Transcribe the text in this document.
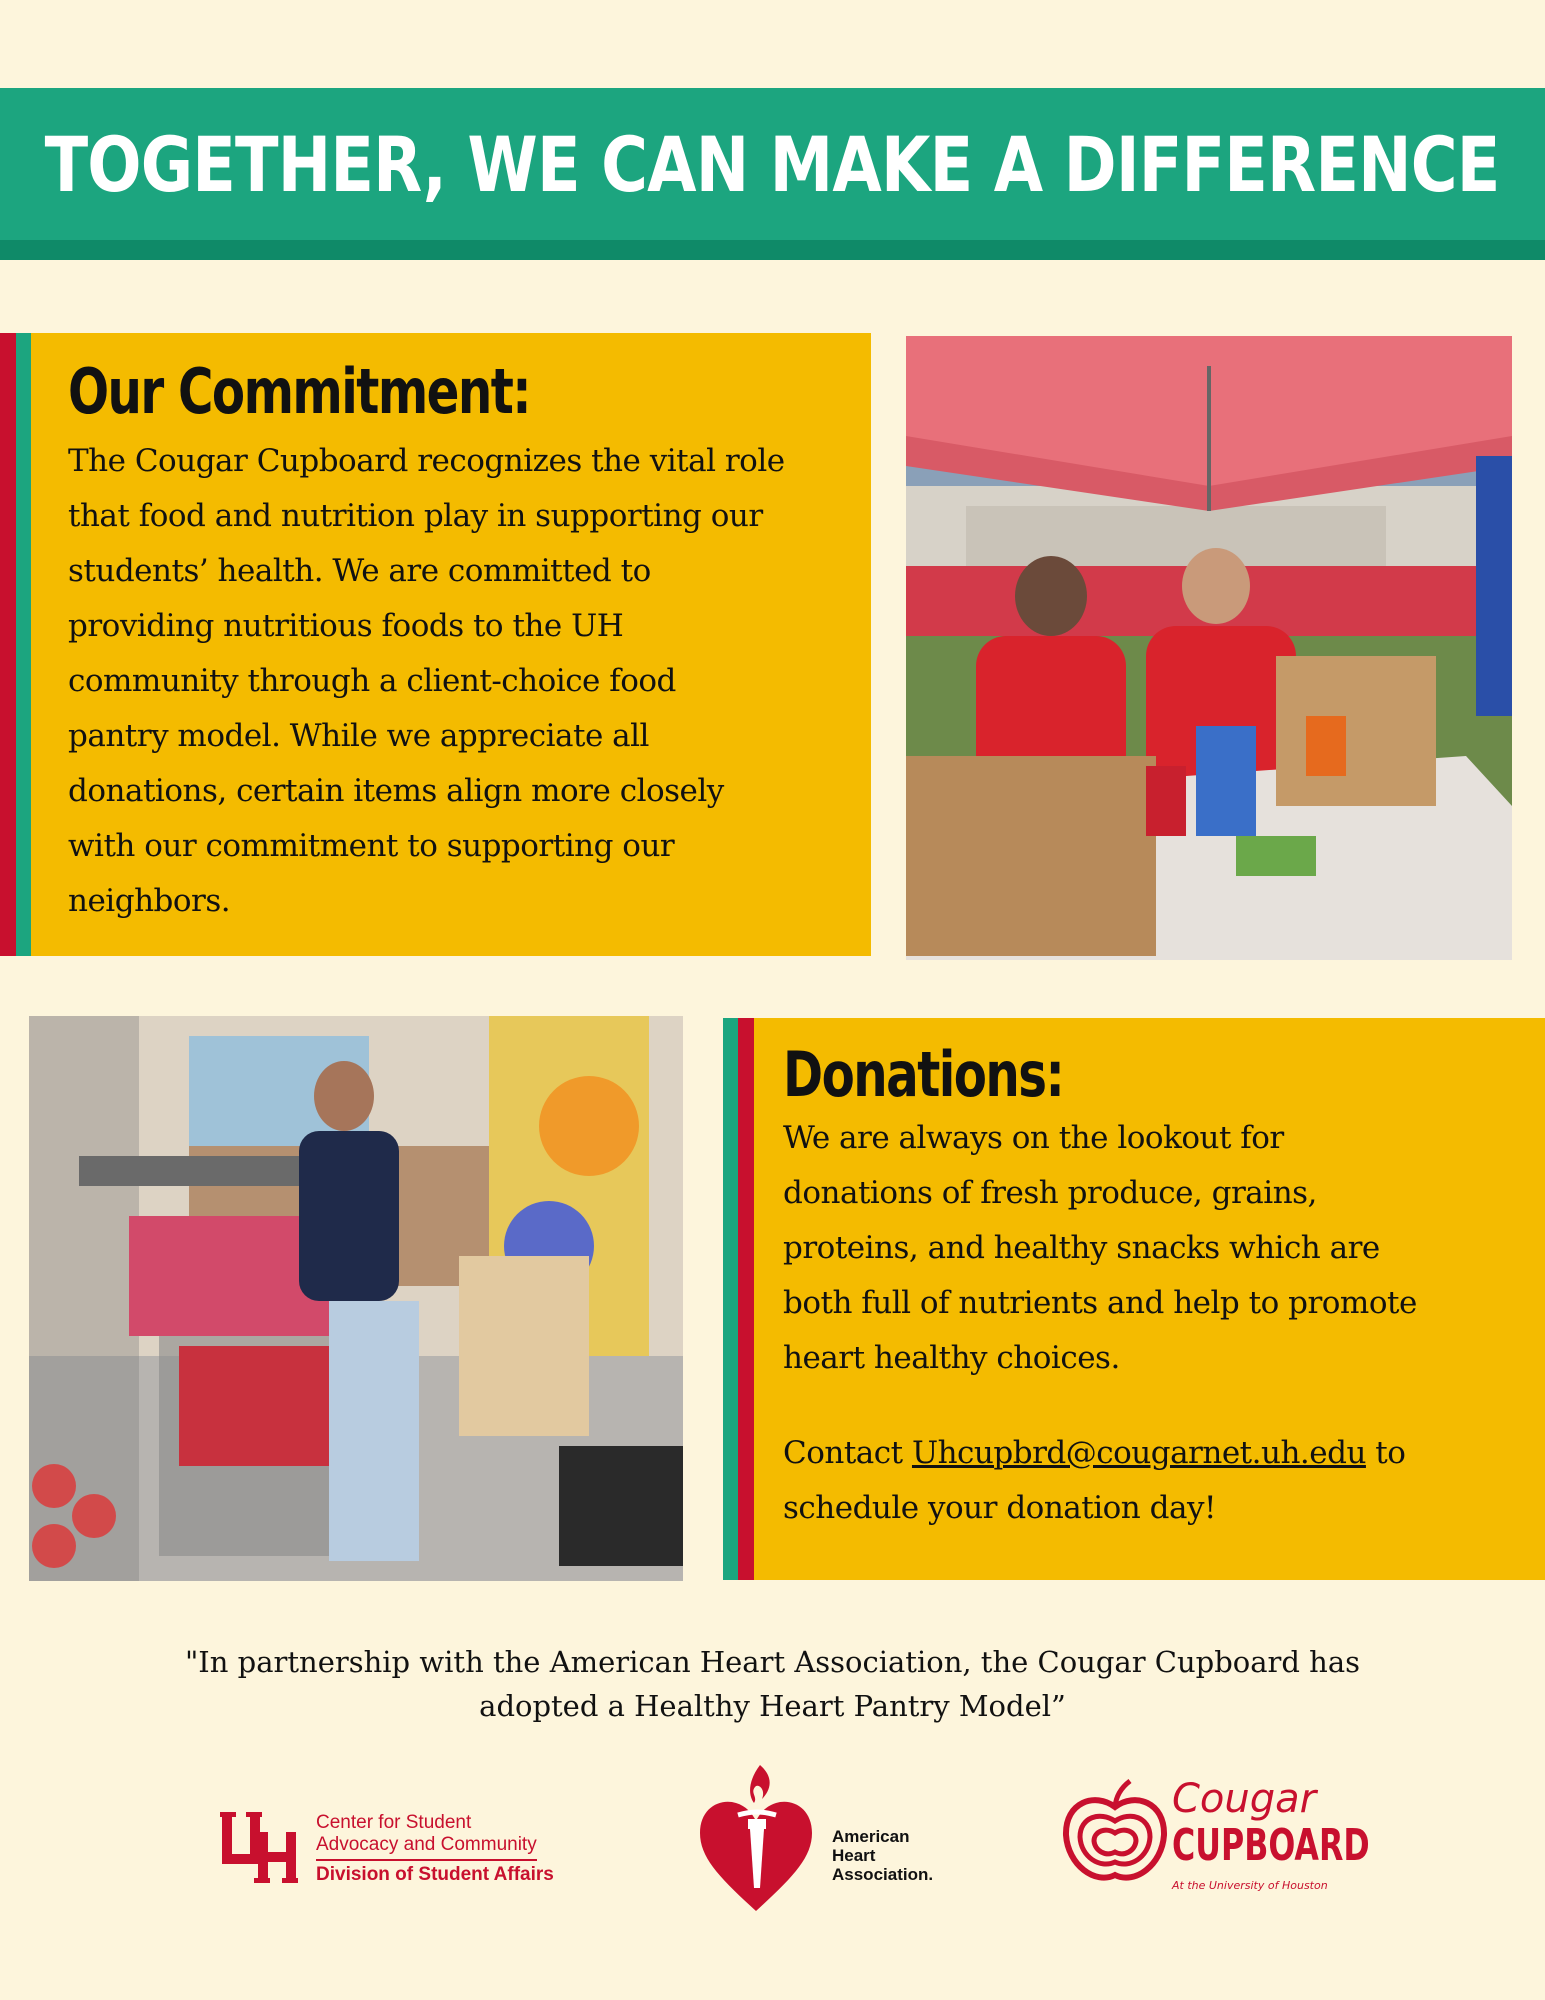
TOGETHER, WE CAN MAKE A DIFFERENCE
Our Commitment:

The Cougar Cupboard recognizes the vital role

that food and nutrition play in supporting our

students’ health. We are committed to

providing nutritious foods to the UH

community through a client-choice food

pantry model. While we appreciate all

donations, certain items align more closely

with our commitment to supporting our

neighbors.

Donations:

We are always on the lookout for

donations of fresh produce, grains,

proteins, and healthy snacks which are

both full of nutrients and help to promote

heart healthy choices.

Contact Uhcupbrd@cougarnet.uh.edu to

schedule your donation day!

"In partnership with the American Heart Association, the Cougar Cupboard has
adopted a Healthy Heart Pantry Model”
Center for Student
Advocacy and Community
Division of Student Affairs
American
Heart
Association.
Cougar
CUPBOARD
At the University of Houston
